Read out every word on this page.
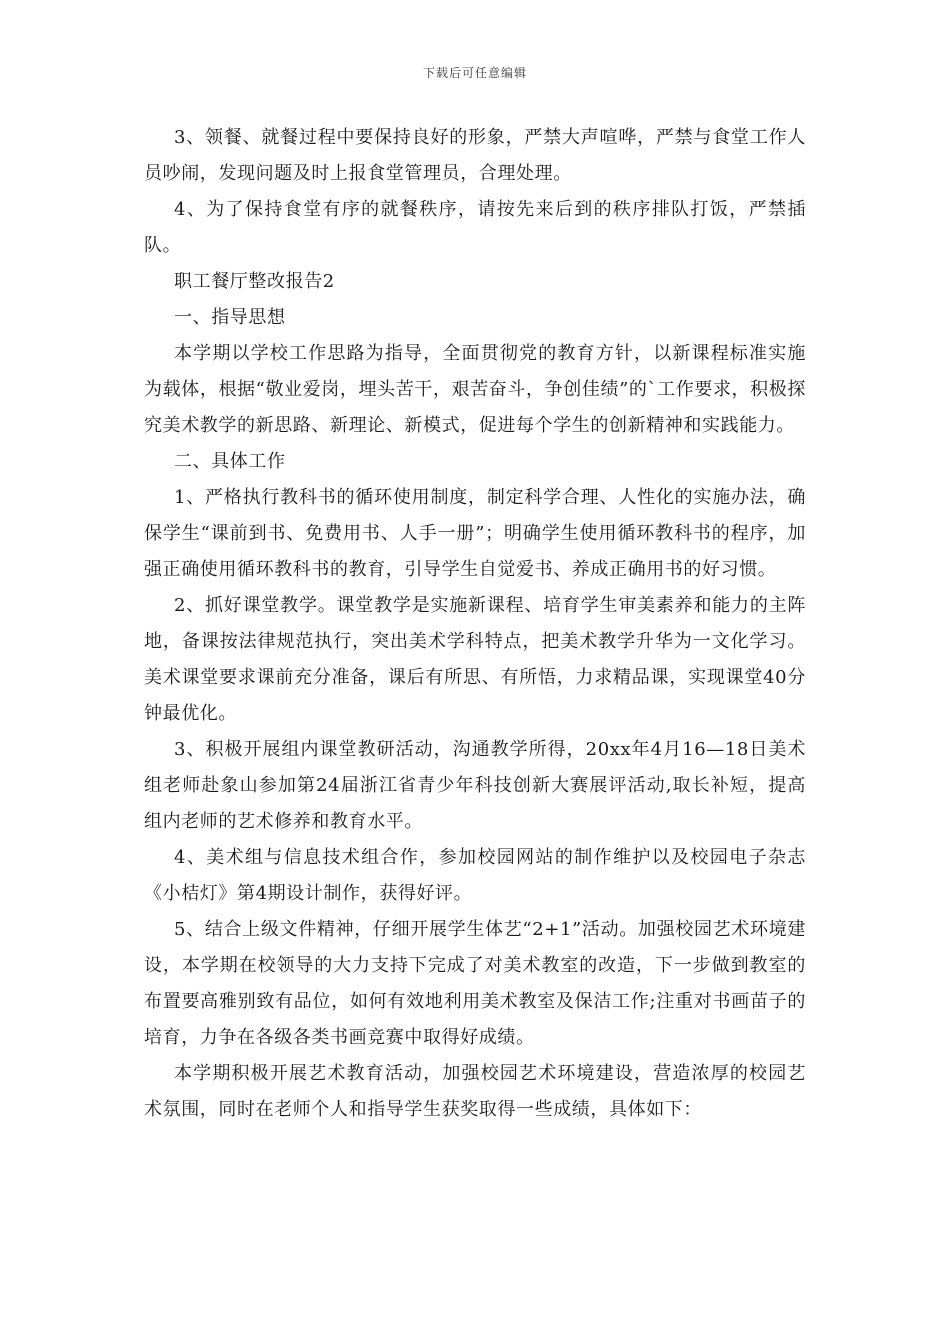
下载后可任意编辑

3、领餐、就餐过程中要保持良好的形象，严禁大声喧哗，严禁与食堂工作人员吵闹，发现问题及时上报食堂管理员，合理处理。

4、为了保持食堂有序的就餐秩序，请按先来后到的秩序排队打饭，严禁插队。

职工餐厅整改报告2

一、指导思想

本学期以学校工作思路为指导，全面贯彻党的教育方针，以新课程标准实施为载体，根据“敬业爱岗，埋头苦干，艰苦奋斗，争创佳绩”的`工作要求，积极探究美术教学的新思路、新理论、新模式，促进每个学生的创新精神和实践能力。

二、具体工作

1、严格执行教科书的循环使用制度，制定科学合理、人性化的实施办法，确保学生“课前到书、免费用书、人手一册”；明确学生使用循环教科书的程序，加强正确使用循环教科书的教育，引导学生自觉爱书、养成正确用书的好习惯。

2、抓好课堂教学。课堂教学是实施新课程、培育学生审美素养和能力的主阵地，备课按法律规范执行，突出美术学科特点，把美术教学升华为一文化学习。美术课堂要求课前充分准备，课后有所思、有所悟，力求精品课，实现课堂40分钟最优化。

3、积极开展组内课堂教研活动，沟通教学所得，20xx年4月16—18日美术组老师赴象山参加第24届浙江省青少年科技创新大赛展评活动,取长补短，提高组内老师的艺术修养和教育水平。

4、美术组与信息技术组合作，参加校园网站的制作维护以及校园电子杂志《小桔灯》第4期设计制作，获得好评。

5、结合上级文件精神，仔细开展学生体艺“2+1”活动。加强校园艺术环境建设，本学期在校领导的大力支持下完成了对美术教室的改造，下一步做到教室的布置要高雅别致有品位，如何有效地利用美术教室及保洁工作;注重对书画苗子的培育，力争在各级各类书画竞赛中取得好成绩。

本学期积极开展艺术教育活动，加强校园艺术环境建设，营造浓厚的校园艺术氛围，同时在老师个人和指导学生获奖取得一些成绩，具体如下：
